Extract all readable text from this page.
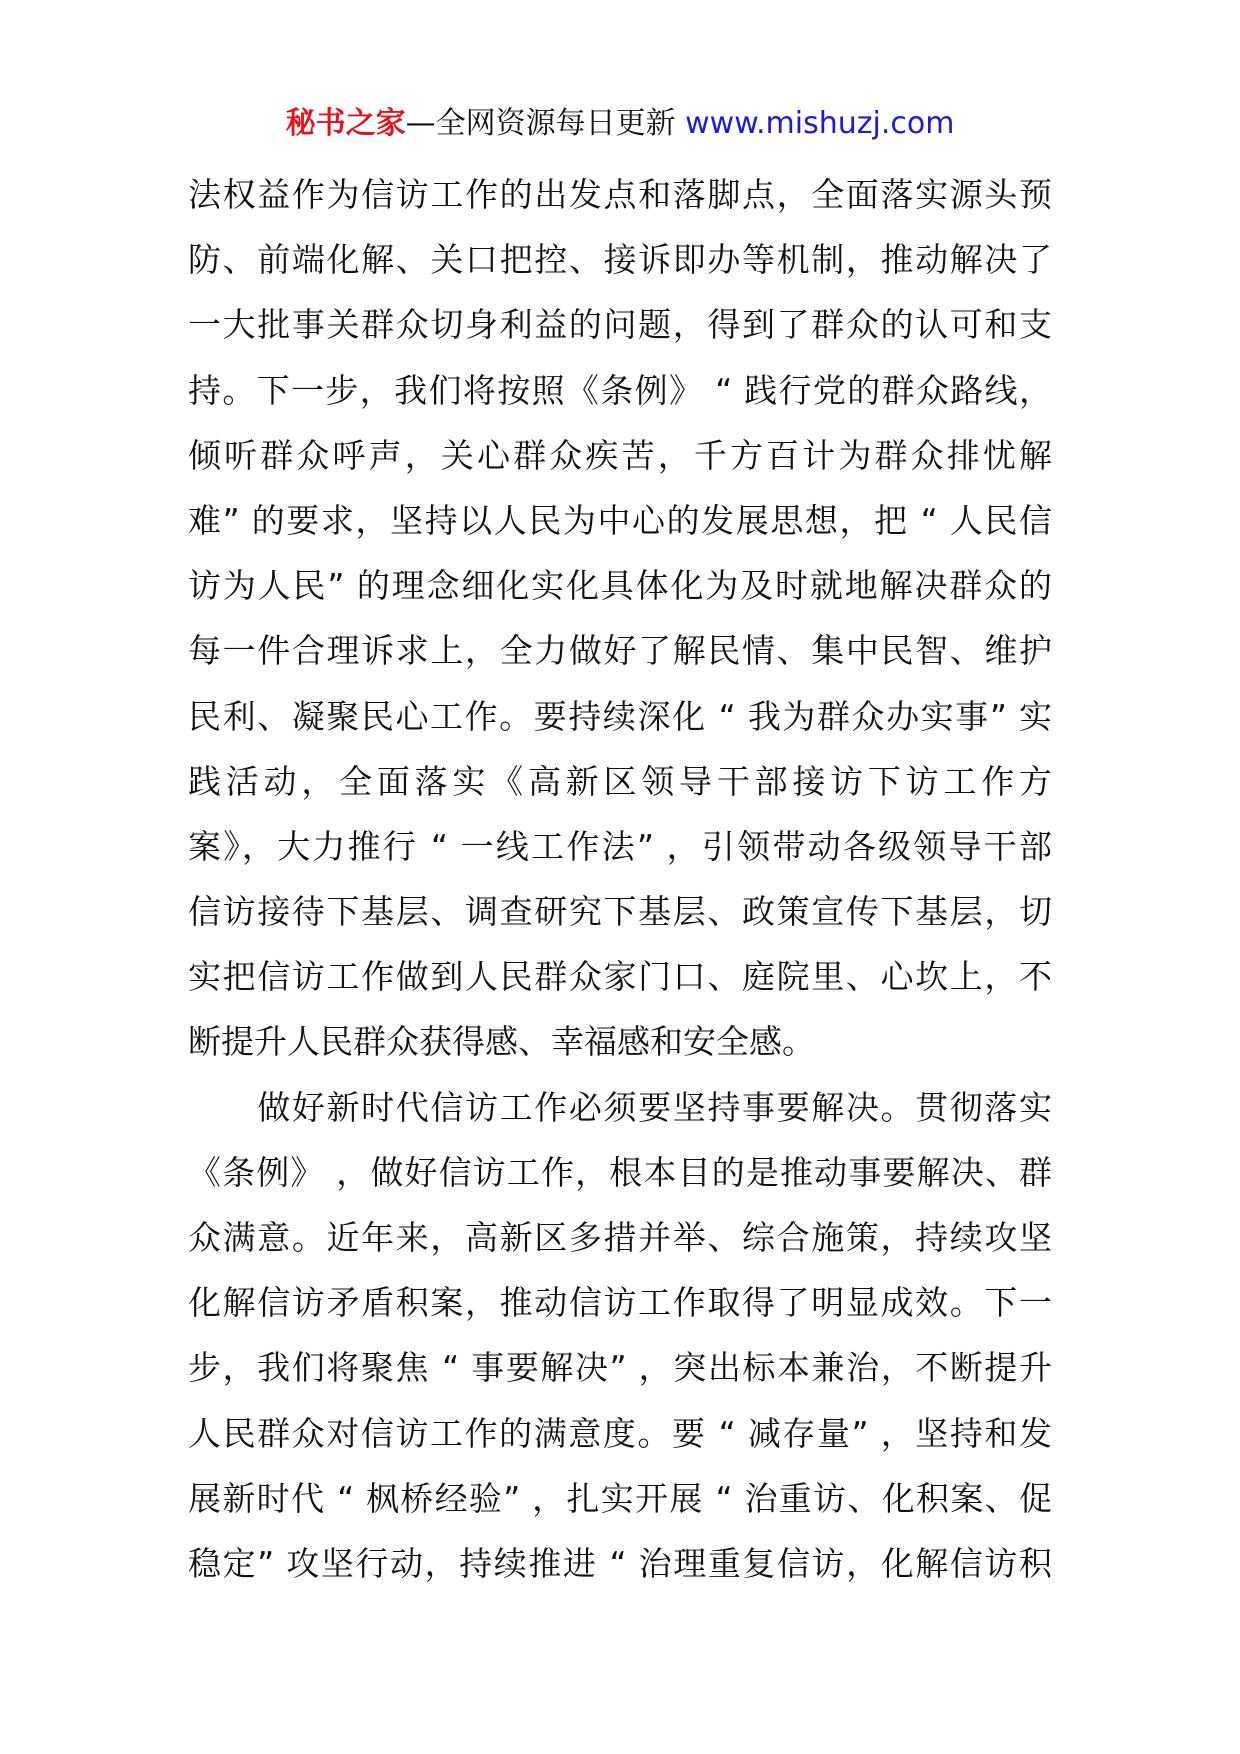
秘书之家—全网资源每日更新 www.mishuzj.com

法权益作为信访工作的出发点和落脚点，全面落实源头预
防、前端化解、关口把控、接诉即办等机制，推动解决了
一大批事关群众切身利益的问题，得到了群众的认可和支
持。下一步，我们将按照《条例》 “ 践行党的群众路线，
倾听群众呼声，关心群众疾苦，千方百计为群众排忧解
难” 的要求，坚持以人民为中心的发展思想，把 “ 人民信
访为人民” 的理念细化实化具体化为及时就地解决群众的
每一件合理诉求上，全力做好了解民情、集中民智、维护
民利、凝聚民心工作。要持续深化 “ 我为群众办实事” 实
践活动，全面落实《高新区领导干部接访下访工作方
案》，大力推行 “ 一线工作法” ，引领带动各级领导干部
信访接待下基层、调查研究下基层、政策宣传下基层，切
实把信访工作做到人民群众家门口、庭院里、心坎上，不
断提升人民群众获得感、幸福感和安全感。

　　做好新时代信访工作必须要坚持事要解决。贯彻落实
《条例》 ，做好信访工作，根本目的是推动事要解决、群
众满意。近年来，高新区多措并举、综合施策，持续攻坚
化解信访矛盾积案，推动信访工作取得了明显成效。下一
步，我们将聚焦 “ 事要解决” ，突出标本兼治，不断提升
人民群众对信访工作的满意度。要 “ 减存量” ，坚持和发
展新时代 “ 枫桥经验” ，扎实开展 “ 治重访、化积案、促
稳定” 攻坚行动，持续推进 “ 治理重复信访，化解信访积
